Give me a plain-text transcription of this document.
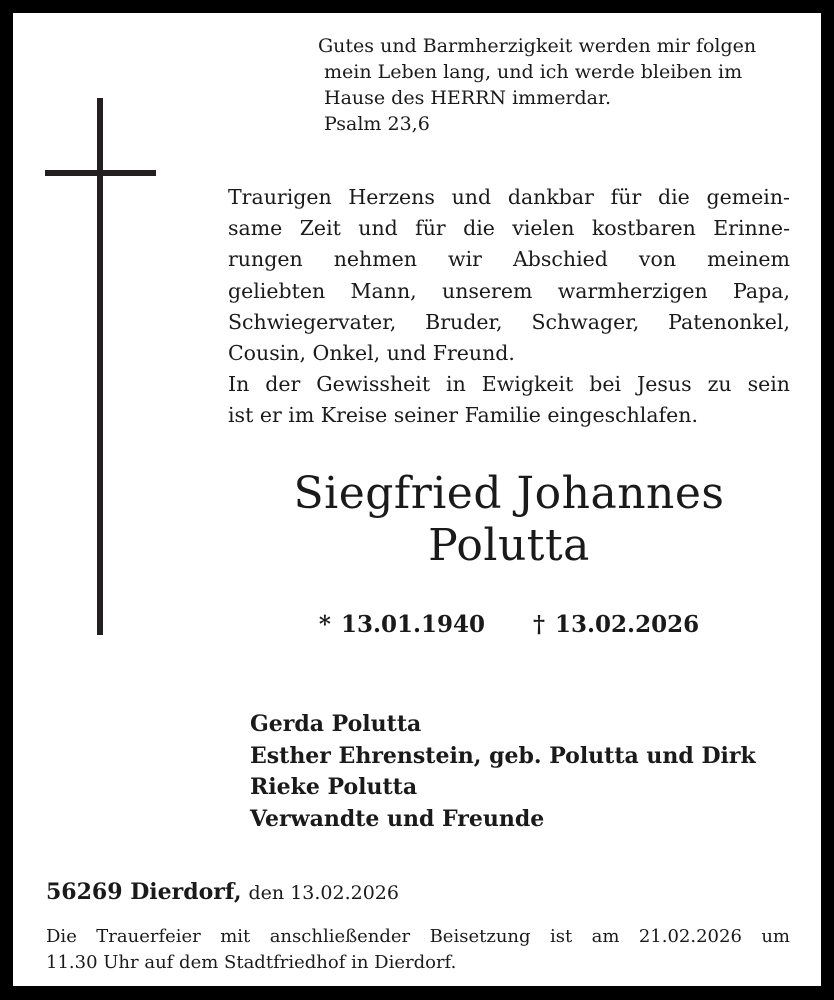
Gutes und Barmherzigkeit werden mir folgen
mein Leben lang, und ich werde bleiben im
Hause des HERRN immerdar.
Psalm 23,6
Traurigen Herzens und dankbar für die gemein-
same Zeit und für die vielen kostbaren Erinne-
rungen nehmen wir Abschied von meinem
geliebten Mann, unserem warmherzigen Papa,
Schwiegervater, Bruder, Schwager, Patenonkel,
Cousin, Onkel, und Freund.
In der Gewissheit in Ewigkeit bei Jesus zu sein
ist er im Kreise seiner Familie eingeschlafen.
Siegfried Johannes
Polutta
* 13.01.1940 † 13.02.2026
Gerda Polutta
Esther Ehrenstein, geb. Polutta und Dirk
Rieke Polutta
Verwandte und Freunde
56269 Dierdorf, den 13.02.2026
Die Trauerfeier mit anschließender Beisetzung ist am 21.02.2026 um
11.30 Uhr auf dem Stadtfriedhof in Dierdorf.
